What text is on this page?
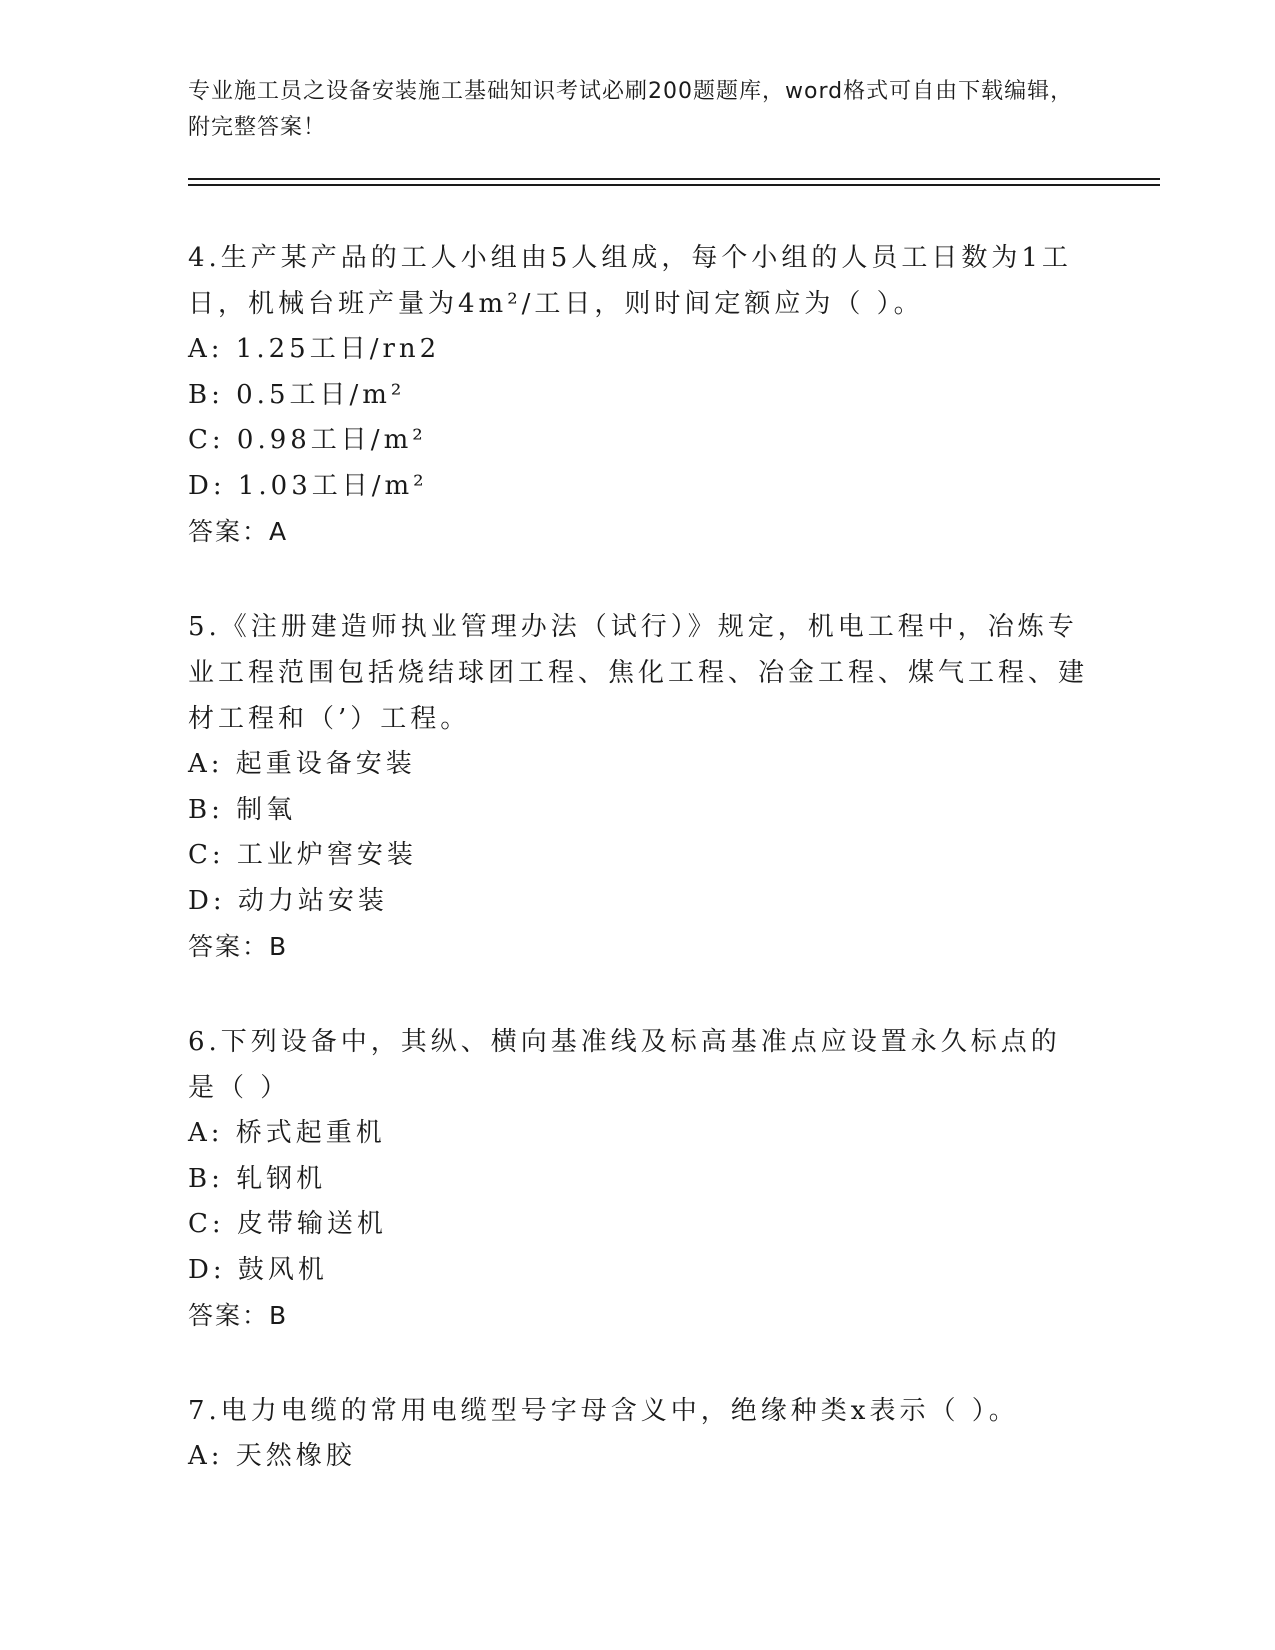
专业施工员之设备安装施工基础知识考试必刷200题题库，word格式可自由下载编辑，附完整答案！

4.生产某产品的工人小组由5人组成，每个小组的人员工日数为1工日，机械台班产量为4m²/工日，则时间定额应为（ ）。

A: 1.25工日/rn2

B: 0.5工日/m²

C: 0.98工日/m²

D: 1.03工日/m²

答案：A

5.《注册建造师执业管理办法（试行）》规定，机电工程中，冶炼专业工程范围包括烧结球团工程、焦化工程、冶金工程、煤气工程、建材工程和（’）工程。

A: 起重设备安装

B: 制氧

C: 工业炉窖安装

D: 动力站安装

答案：B

6.下列设备中，其纵、横向基准线及标高基准点应设置永久标点的是（ ）

A: 桥式起重机

B: 轧钢机

C: 皮带输送机

D: 鼓风机

答案：B

7.电力电缆的常用电缆型号字母含义中，绝缘种类x表示（ ）。

A: 天然橡胶
